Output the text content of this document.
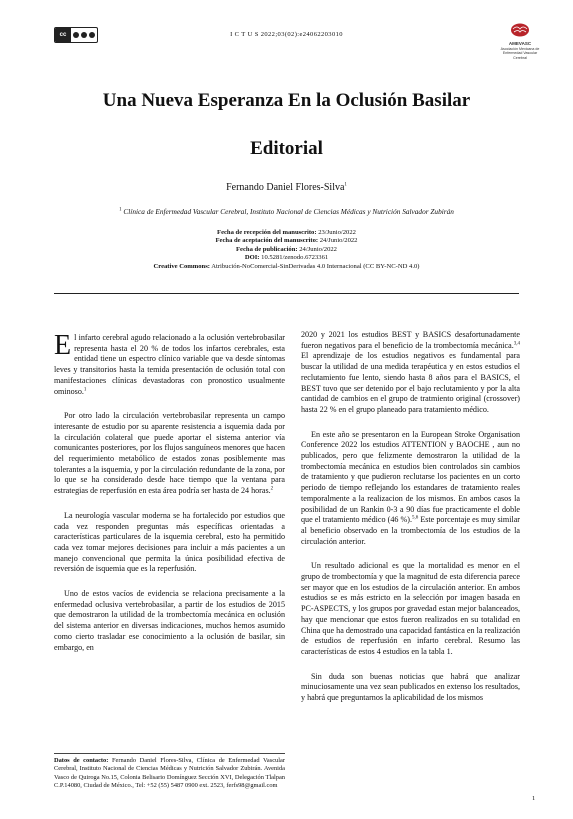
cc	I C T U S 2022;03(02):e24062203010
AMEVASC
Asociación Mexicana de Enfermedad Vascular Cerebral
Una Nueva Esperanza En la Oclusión Basilar
Editorial
Fernando Daniel Flores-Silva$^1$
$^1$ Clínica de Enfermedad Vascular Cerebral, Instituto Nacional de Ciencias Médicas y Nutrición Salvador Zubirán
Fecha de recepción del manuscrito: 23/Junio/2022
Fecha de aceptación del manuscrito: 24/Junio/2022
Fecha de publicación: 24/Junio/2022
DOI: 10.5281/zenodo.6723361
Creative Commons: Atribución-NoComercial-SinDerivadas 4.0 Internacional (CC BY-NC-ND 4.0)

El infarto cerebral agudo relacionado a la oclusión vertebrobasilar representa hasta el 20 % de todos los infartos cerebrales, esta entidad tiene un espectro clínico variable que va desde síntomas leves y transitorios hasta la temida presentación de oclusión total con manifestaciones clínicas devastadoras con pronostico usualmente ominoso.$^1$

Por otro lado la circulación vertebrobasilar representa un campo interesante de estudio por su aparente resistencia a isquemia dada por la circulación colateral que puede aportar el sistema anterior vía comunicantes posteriores, por los flujos sanguíneos menores que hacen del requerimiento metabólico de estados zonas posiblemente mas tolerantes a la isquemia, y por la circulación redundante de la zona, por lo que se ha considerado desde hace tiempo que la ventana para estrategias de reperfusión en esta área podría ser hasta de 24 horas.$^2$

La neurología vascular moderna se ha fortalecido por estudios que cada vez responden preguntas más específicas orientadas a características particulares de la isquemia cerebral, esto ha permitido cada vez tomar mejores decisiones para incluir a más pacientes a un manejo convencional que permita la única posibilidad efectiva de reversión de isquemia que es la reperfusión.

Uno de estos vacíos de evidencia se relaciona precisamente a la enfermedad oclusiva vertebrobasilar, a partir de los estudios de 2015 que demostraron la utilidad de la trombectomía mecánica en oclusión del sistema anterior en diversas indicaciones, muchos hemos asumido como cierto trasladar ese conocimiento a la oclusión de basilar, sin embargo, en

Datos de contacto: Fernando Daniel Flores-Silva, Clínica de Enfermedad Vascular Cerebral, Instituto Nacional de Ciencias Médicas y Nutrición Salvador Zubirán. Avenida Vasco de Quiroga No.15, Colonia Belisario Domínguez Sección XVI, Delegación Tlalpan C.P.14080, Ciudad de México., Tel: +52 (55) 5487 0900 ext. 2523, ferfs98@gmail.com

2020 y 2021 los estudios BEST y BASICS desafortunadamente fueron negativos para el beneficio de la trombectomía mecánica.$^{3,4}$ El aprendizaje de los estudios negativos es fundamental para buscar la utilidad de una medida terapéutica y en estos estudios el reclutamiento fue lento, siendo hasta 8 años para el BASICS, el BEST tuvo que ser detenido por el bajo reclutamiento y por la alta cantidad de cambios en el grupo de tratmiento original (crossover) hasta 22 % en el grupo planeado para tratamiento médico.

En este año se presentaron en la European Stroke Organisation Conference 2022 los estudios ATTENTION y BAOCHE , aun no publicados, pero que felizmente demostraron la utilidad de la trombectomía mecánica en estudios bien controlados sin cambios de tratamiento y que pudieron reclutarse los pacientes en un corto periodo de tiempo reflejando los estandares de tratamiento reales temporalmente a la realizacion de los mismos. En ambos casos la posibilidad de un Rankin 0-3 a 90 días fue practicamente el doble que el tratamiento médico (46 %).$^{5,6}$ Este porcentaje es muy similar al beneficio observado en la trombectomía de los estudios de la circulación anterior.

Un resultado adicional es que la mortalidad es menor en el grupo de trombectomía y que la magnitud de esta diferencia parece ser mayor que en los estudios de la circulación anterior. En ambos estudios se es más estricto en la selección por imagen basada en PC-ASPECTS, y los grupos por gravedad estan mejor balanceados, hay que mencionar que estos fueron realizados en su totalidad en China que ha demostrado una capacidad fantástica en la realización de estudios de reperfusión en infarto cerebral. Resumo las características de estos 4 estudios en la tabla 1.

Sin duda son buenas noticias que habrá que analizar minuciosamente una vez sean publicados en extenso los resultados, y habrá que preguntarnos la aplicabilidad de los mismos

1
